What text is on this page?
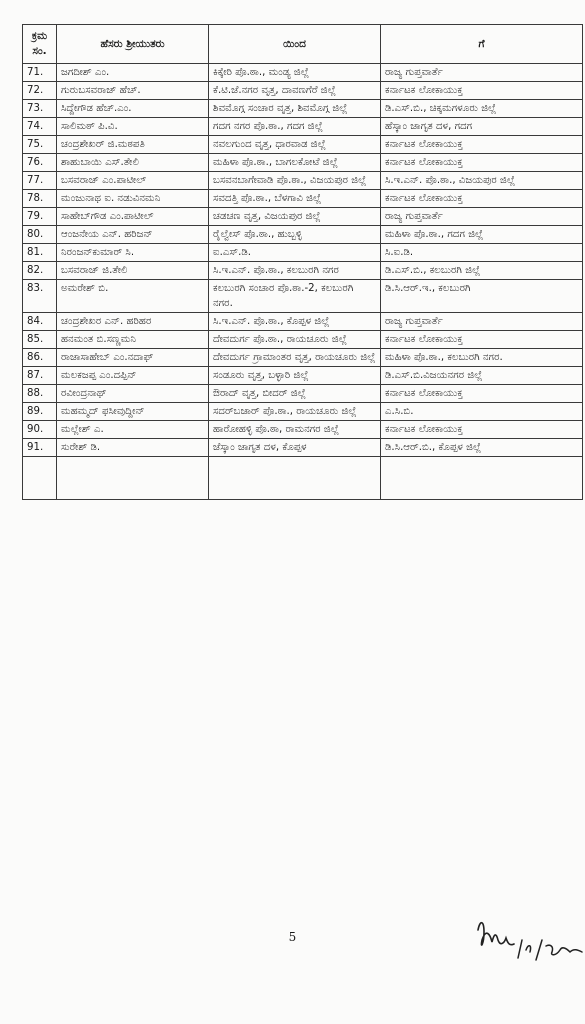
ಕ್ರಮ ಸಂ.	ಹೆಸರು ಶ್ರೀಯುತರು	ಯಿಂದ	ಗೆ
71.	ಜಗದೀಶ್ ಎಂ.	ಕಿಕ್ಕೇರಿ ಪೊ.ಠಾ., ಮಂಡ್ಯ ಜಿಲ್ಲೆ	ರಾಜ್ಯ ಗುಪ್ತವಾರ್ತೆ
72.	ಗುರುಬಸವರಾಜ್ ಹೆಚ್.	ಕೆ.ಟಿ.ಜೆ.ನಗರ ವೃತ್ತ, ದಾವಣಗೆರೆ ಜಿಲ್ಲೆ	ಕರ್ನಾಟಕ ಲೋಕಾಯುಕ್ತ
73.	ಸಿದ್ದೇಗೌಡ ಹೆಚ್.ಎಂ.	ಶಿವಮೊಗ್ಗ ಸಂಚಾರ ವೃತ್ತ, ಶಿವಮೊಗ್ಗ ಜಿಲ್ಲೆ	ಡಿ.ಎಸ್.ಬಿ., ಚಿಕ್ಕಮಗಳೂರು ಜಿಲ್ಲೆ
74.	ಸಾಲಿಮಠ್ ಪಿ.ವಿ.	ಗದಗ ನಗರ ಪೊ.ಠಾ., ಗದಗ ಜಿಲ್ಲೆ	ಹೆಸ್ಕಾಂ ಜಾಗೃತ ದಳ, ಗದಗ
75.	ಚಂದ್ರಶೇಖರ್ ಜಿ.ಮಠಪತಿ	ನವಲಗುಂದ ವೃತ್ತ, ಧಾರವಾಡ ಜಿಲ್ಲೆ	ಕರ್ನಾಟಕ ಲೋಕಾಯುಕ್ತ
76.	ಶಾಹುಬಾಯಿ ಎಸ್.ತೇಲಿ	ಮಹಿಳಾ ಪೊ.ಠಾ., ಬಾಗಲಕೋಟೆ ಜಿಲ್ಲೆ	ಕರ್ನಾಟಕ ಲೋಕಾಯುಕ್ತ
77.	ಬಸವರಾಜ್ ಎಂ.ಪಾಟೀಲ್	ಬಸವನಬಾಗೇವಾಡಿ ಪೊ.ಠಾ., ವಿಜಯಪುರ ಜಿಲ್ಲೆ	ಸಿ.ಇ.ಎನ್. ಪೊ.ಠಾ., ವಿಜಯಪುರ ಜಿಲ್ಲೆ
78.	ಮಂಜುನಾಥ ಐ. ನಡುವಿನಮನಿ	ಸವದತ್ತಿ ಪೊ.ಠಾ., ಬೆಳಗಾವಿ ಜಿಲ್ಲೆ	ಕರ್ನಾಟಕ ಲೋಕಾಯುಕ್ತ
79.	ಸಾಹೇಬ್‌ಗೌಡ ಎಂ.ಪಾಟೀಲ್	ಚಡಚಣ ವೃತ್ತ, ವಿಜಯಪುರ ಜಿಲ್ಲೆ	ರಾಜ್ಯ ಗುಪ್ತವಾರ್ತೆ
80.	ಆಂಜನೇಯ ಎನ್. ಹರಿಜನ್	ರೈಲ್ವೇಸ್ ಪೊ.ಠಾ., ಹುಬ್ಬಳ್ಳಿ	ಮಹಿಳಾ ಪೊ.ಠಾ., ಗದಗ ಜಿಲ್ಲೆ
81.	ನಿರಂಜನ್‌ಕುಮಾರ್ ಸಿ.	ಐ.ಎಸ್.ಡಿ.	ಸಿ.ಐ.ಡಿ.
82.	ಬಸವರಾಜ್ ಜಿ.ತೇಲಿ	ಸಿ.ಇ.ಎನ್. ಪೊ.ಠಾ., ಕಲಬುರಗಿ ನಗರ	ಡಿ.ಎಸ್.ಬಿ., ಕಲಬುರಗಿ ಜಿಲ್ಲೆ
83.	ಅಮರೇಶ್ ಬಿ.	ಕಲಬುರಗಿ ಸಂಚಾರ ಪೊ.ಠಾ.-2, ಕಲಬುರಗಿ ನಗರ.	ಡಿ.ಸಿ.ಆರ್.ಇ., ಕಲಬುರಗಿ
84.	ಚಂದ್ರಶೇಖರ ಎನ್. ಹರಿಹರ	ಸಿ.ಇ.ಎನ್. ಪೊ.ಠಾ., ಕೊಪ್ಪಳ ಜಿಲ್ಲೆ	ರಾಜ್ಯ ಗುಪ್ತವಾರ್ತೆ
85.	ಹನಮಂತ ಬಿ.ಸಣ್ಣಮನಿ	ದೇವದುರ್ಗ ಪೊ.ಠಾ., ರಾಯಚೂರು ಜಿಲ್ಲೆ	ಕರ್ನಾಟಕ ಲೋಕಾಯುಕ್ತ
86.	ರಾಜಾಸಾಹೇಬ್ ಎಂ.ನದಾಫ್	ದೇವದುರ್ಗ ಗ್ರಾಮಾಂತರ ವೃತ್ತ, ರಾಯಚೂರು ಜಿಲ್ಲೆ	ಮಹಿಳಾ ಪೊ.ಠಾ., ಕಲಬುರಗಿ ನಗರ.
87.	ಮಲಕಜಪ್ಪ ಎಂ.ದಪ್ಪಿನ್	ಸಂಡೂರು ವೃತ್ತ, ಬಳ್ಳಾರಿ ಜಿಲ್ಲೆ	ಡಿ.ಎಸ್.ಬಿ.ವಿಜಯನಗರ ಜಿಲ್ಲೆ
88.	ರವೀಂದ್ರನಾಥ್	ಔರಾದ್ ವೃತ್ತ, ಬೀದರ್ ಜಿಲ್ಲೆ	ಕರ್ನಾಟಕ ಲೋಕಾಯುಕ್ತ
89.	ಮಹಮ್ಮದ್ ಫಸೀವುದ್ದೀನ್	ಸದರ್‌ಬಜಾರ್ ಪೊ.ಠಾ., ರಾಯಚೂರು ಜಿಲ್ಲೆ	ಎ.ಸಿ.ಬಿ.
90.	ಮಲ್ಲೇಶ್ ಎ.	ಹಾರೋಹಳ್ಳಿ ಪೊ.ಠಾ, ರಾಮನಗರ ಜಿಲ್ಲೆ	ಕರ್ನಾಟಕ ಲೋಕಾಯುಕ್ತ
91.	ಸುರೇಶ್ ಡಿ.	ಜೆಸ್ಕಾಂ ಜಾಗೃತ ದಳ, ಕೊಪ್ಪಳ	ಡಿ.ಸಿ.ಆರ್.ಬಿ., ಕೊಪ್ಪಳ ಜಿಲ್ಲೆ

5
